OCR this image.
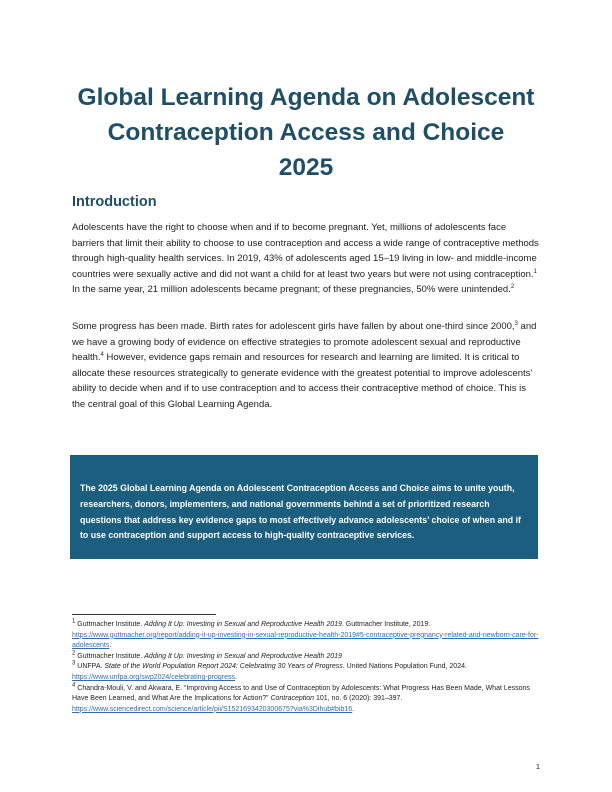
Global Learning Agenda on Adolescent
Contraception Access and Choice
2025
Introduction

Adolescents have the right to choose when and if to become pregnant. Yet, millions of adolescents face barriers that limit their ability to choose to use contraception and access a wide range of contraceptive methods through high-quality health services. In 2019, 43% of adolescents aged 15–19 living in low- and middle-income countries were sexually active and did not want a child for at least two years but were not using contraception.$^1$ In the same year, 21 million adolescents became pregnant; of these pregnancies, 50% were unintended.$^2$

Some progress has been made. Birth rates for adolescent girls have fallen by about one-third since 2000,$^3$ and we have a growing body of evidence on effective strategies to promote adolescent sexual and reproductive health.$^4$ However, evidence gaps remain and resources for research and learning are limited. It is critical to allocate these resources strategically to generate evidence with the greatest potential to improve adolescents’ ability to decide when and if to use contraception and to access their contraceptive method of choice. This is the central goal of this Global Learning Agenda.

The 2025 Global Learning Agenda on Adolescent Contraception Access and Choice aims to unite youth, researchers, donors, implementers, and national governments behind a set of prioritized research questions that address key evidence gaps to most effectively advance adolescents’ choice of when and if to use contraception and support access to high-quality contraceptive services.

$^1$ Guttmacher Institute. Adding It Up: Investing in Sexual and Reproductive Health 2019. Guttmacher Institute, 2019. https://www.guttmacher.org/report/adding-it-up-investing-in-sexual-reproductive-health-2019#5-contraceptive-pregnancy-related-and-newborn-care-for-adolescents.

$^2$ Guttmacher Institute. Adding It Up: Investing in Sexual and Reproductive Health 2019

$^3$ UNFPA. State of the World Population Report 2024: Celebrating 30 Years of Progress. United Nations Population Fund, 2024. https://www.unfpa.org/swp2024/celebrating-progress.

$^4$ Chandra-Mouli, V. and Akwara, E. “Improving Access to and Use of Contraception by Adolescents: What Progress Has Been Made, What Lessons Have Been Learned, and What Are the Implications for Action?” Contraception 101, no. 6 (2020): 391–397. https://www.sciencedirect.com/science/article/pii/S1521693420300675?via%3Dihub#bib16.

1
